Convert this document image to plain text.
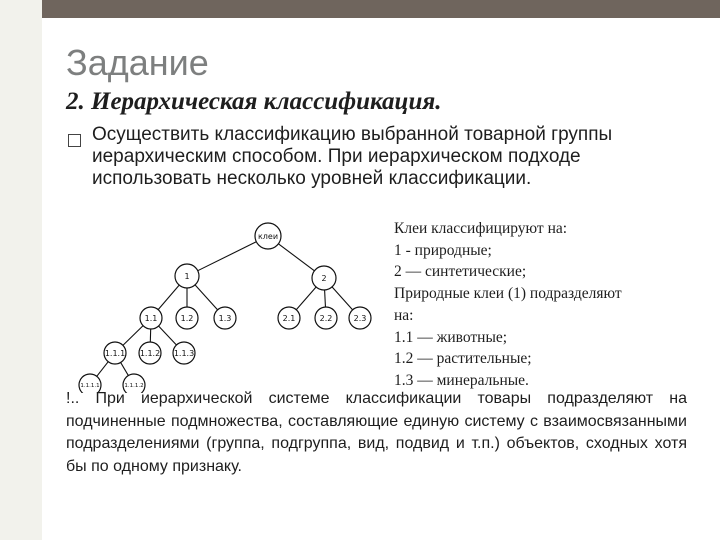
Задание
2. Иерархическая классификация.
Осуществить классификацию выбранной товарной группы иерархическим способом. При иерархическом подходе использовать несколько уровней классификации.
клеи
1	2
1.1	1.2	1.3	2.1	2.2	2.3
1.1.1 1.1.2 1.1.3
1.1.1.1	1.1.1.2
Клеи классифицируют на:
1 - природные;
2 — синтетические;
Природные клеи (1) подразделяют
на:
1.1 — животные;
1.2 — растительные;
1.3 — минеральные.
!.. При иерархической системе классификации товары подразделяют на подчиненные подмножества, составляющие единую систему с взаимосвязанными подразделениями (группа, подгруппа, вид, подвид и т.п.) объектов, сходных хотя бы по одному признаку.
